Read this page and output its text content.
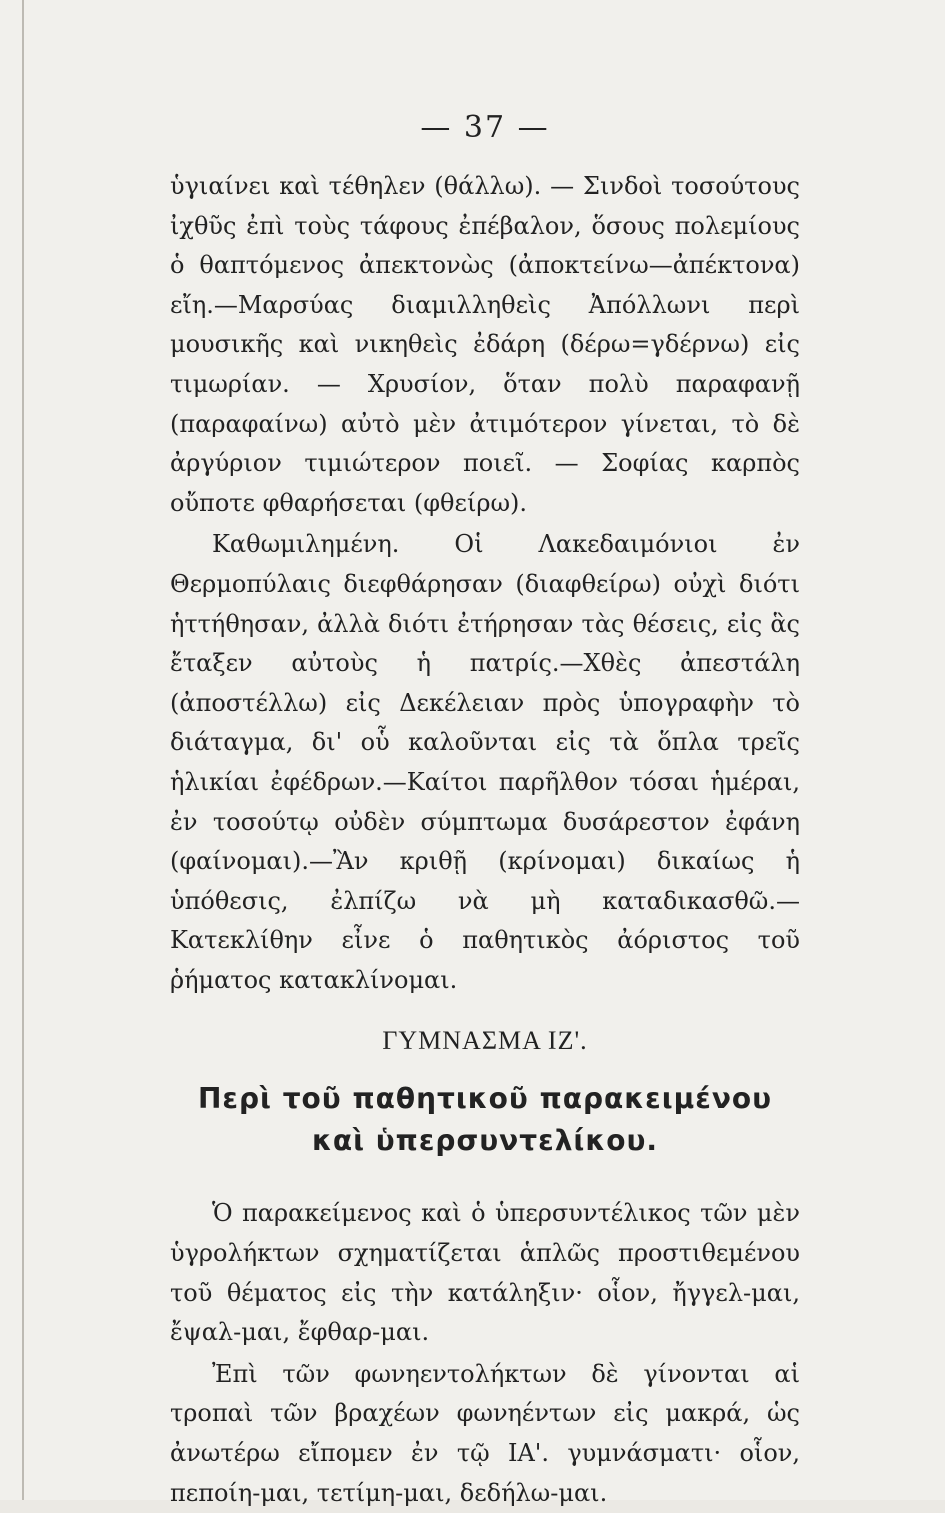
— 37 —

ὑγιαίνει καὶ τέθηλεν (θάλλω). — Σινδοὶ τοσούτους ἰχθῦς ἐπὶ τοὺς τάφους ἐπέβαλον, ὅσους πολεμίους ὁ θαπτόμενος ἀπεκτονὼς (ἀποκτείνω—ἀπέκτονα) εἴη.—Μαρσύας διαμιλληθεὶς Ἀπόλλωνι περὶ μουσικῆς καὶ νικηθεὶς ἐδάρη (δέρω=γδέρνω) εἰς τιμωρίαν. — Χρυσίον, ὅταν πολὺ παραφανῇ (παραφαίνω) αὐτὸ μὲν ἀτιμότερον γίνεται, τὸ δὲ ἀργύριον τιμιώτερον ποιεῖ. — Σοφίας καρπὸς οὔποτε φθαρήσεται (φθείρω).

Καθωμιλημένη. Οἱ Λακεδαιμόνιοι ἐν Θερμοπύλαις διεφθάρησαν (διαφθείρω) οὐχὶ διότι ἡττήθησαν, ἀλλὰ διότι ἐτήρησαν τὰς θέσεις, εἰς ἃς ἔταξεν αὐτοὺς ἡ πατρίς.—Χθὲς ἀπεστάλη (ἀποστέλλω) εἰς Δεκέλειαν πρὸς ὑπογραφὴν τὸ διάταγμα, δι' οὗ καλοῦνται εἰς τὰ ὅπλα τρεῖς ἡλικίαι ἐφέδρων.—Καίτοι παρῆλθον τόσαι ἡμέραι, ἐν τοσούτῳ οὐδὲν σύμπτωμα δυσάρεστον ἐφάνη (φαίνομαι).—Ἂν κριθῇ (κρίνομαι) δικαίως ἡ ὑπόθεσις, ἐλπίζω νὰ μὴ καταδικασθῶ.—Κατεκλίθην εἶνε ὁ παθητικὸς ἀόριστος τοῦ ῥήματος κατακλίνομαι.

ΓΥΜΝΑΣΜΑ ΙΖ'.
Περὶ τοῦ παθητικοῦ παρακειμένου
καὶ ὑπερσυντελίκου.

Ὁ παρακείμενος καὶ ὁ ὑπερσυντέλικος τῶν μὲν ὑγρολήκτων σχηματίζεται ἁπλῶς προστιθεμένου τοῦ θέματος εἰς τὴν κατάληξιν· οἷον, ἤγγελ-μαι, ἔψαλ-μαι, ἔφθαρ-μαι.

Ἐπὶ τῶν φωνηεντολήκτων δὲ γίνονται αἱ τροπαὶ τῶν βραχέων φωνηέντων εἰς μακρά, ὡς ἀνωτέρω εἴπομεν ἐν τῷ ΙΑ'. γυμνάσματι· οἷον, πεποίη-μαι, τετίμη-μαι, δεδήλω-μαι.
